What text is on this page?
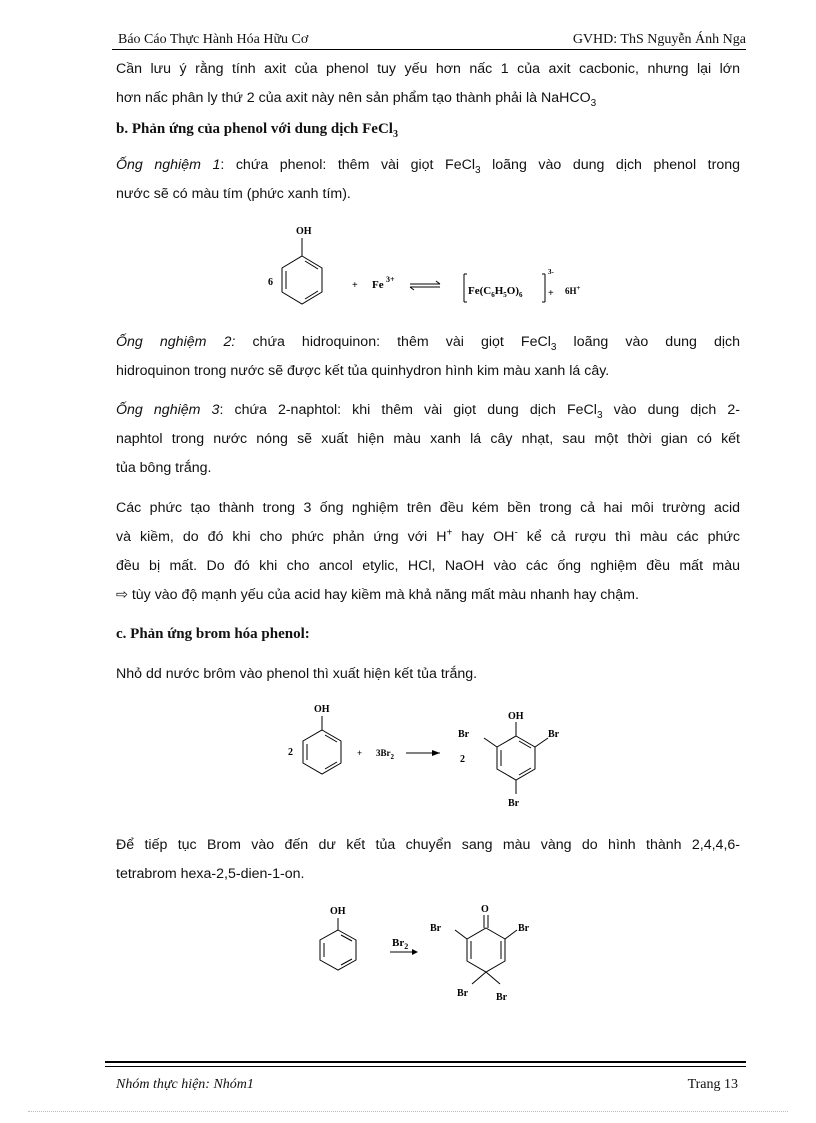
Báo Cáo Thực Hành Hóa Hữu Cơ	GVHD: ThS Nguyễn Ánh Nga
Cần lưu ý rằng tính axit của phenol tuy yếu hơn nấc 1 của axit cacbonic, nhưng lại lớn
hơn nấc phân ly thứ 2 của axit này nên sản phẩm tạo thành phải là NaHCO$_3$
b. Phản ứng của phenol với dung dịch FeCl$_3$
Ống nghiệm 1: chứa phenol: thêm vài giọt FeCl$_3$ loãng vào dung dịch phenol trong
nước sẽ có màu tím (phức xanh tím).
OH
6	+ Fe 3+
$Fe(C_6H_5O)_6$
3-
+ 6H+
Ống nghiệm 2: chứa hidroquinon: thêm vài giọt FeCl$_3$ loãng vào dung dịch
hidroquinon trong nước sẽ được kết tủa quinhydron hình kim màu xanh lá cây.
Ống nghiệm 3: chứa 2-naphtol: khi thêm vài giọt dung dịch FeCl$_3$ vào dung dịch 2-
naphtol trong nước nóng sẽ xuất hiện màu xanh lá cây nhạt, sau một thời gian có kết
tủa bông trắng.
Các phức tạo thành trong 3 ống nghiệm trên đều kém bền trong cả hai môi trường acid
và kiềm, do đó khi cho phức phản ứng với H+ hay OH- kể cả rượu thì màu các phức
đều bị mất. Do đó khi cho ancol etylic, HCl, NaOH vào các ống nghiệm đều mất màu
⇨ tùy vào độ mạnh yếu của acid hay kiềm mà khả năng mất màu nhanh hay chậm.
c. Phản ứng brom hóa phenol:
Nhỏ dd nước brôm vào phenol thì xuất hiện kết tủa trắng.
OH
2	+ $3Br_2$	2
OH
Br	Br
Br
Để tiếp tục Brom vào đến dư kết tủa chuyển sang màu vàng do hình thành 2,4,4,6-
tetrabrom hexa-2,5-dien-1-on.
OH
$Br_2$
O
Br	Br
Br	Br
Nhóm thực hiện: Nhóm1	Trang 13
